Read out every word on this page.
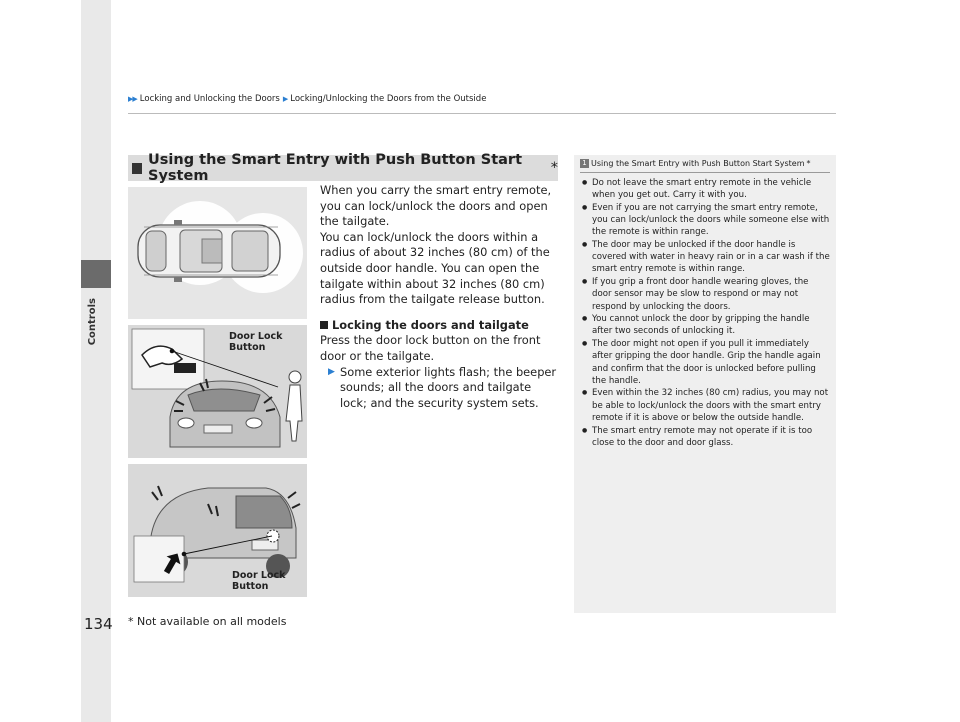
Controls
▶▶ Locking and Unlocking the Doors ▶ Locking/Unlocking the Doors from the Outside
Using the Smart Entry with Push Button Start System	*
Door Lock Button
Door Lock Button

When you carry the smart entry remote, you can lock/unlock the doors and open the tailgate.

You can lock/unlock the doors within a radius of about 32 inches (80 cm) of the outside door handle. You can open the tailgate within about 32 inches (80 cm) radius from the tailgate release button.

Locking the doors and tailgate

Press the door lock button on the front door or the tailgate.

▶ Some exterior lights flash; the beeper sounds; all the doors and tailgate lock; and the security system sets.

1 Using the Smart Entry with Push Button Start System *
● Do not leave the smart entry remote in the vehicle when you get out. Carry it with you.
● Even if you are not carrying the smart entry remote, you can lock/unlock the doors while someone else with the remote is within range.
● The door may be unlocked if the door handle is covered with water in heavy rain or in a car wash if the smart entry remote is within range.
● If you grip a front door handle wearing gloves, the door sensor may be slow to respond or may not respond by unlocking the doors.
● You cannot unlock the door by gripping the handle after two seconds of unlocking it.
● The door might not open if you pull it immediately after gripping the door handle. Grip the handle again and confirm that the door is unlocked before pulling the handle.
● Even within the 32 inches (80 cm) radius, you may not be able to lock/unlock the doors with the smart entry remote if it is above or below the outside handle.
● The smart entry remote may not operate if it is too close to the door and door glass.
134 * Not available on all models
